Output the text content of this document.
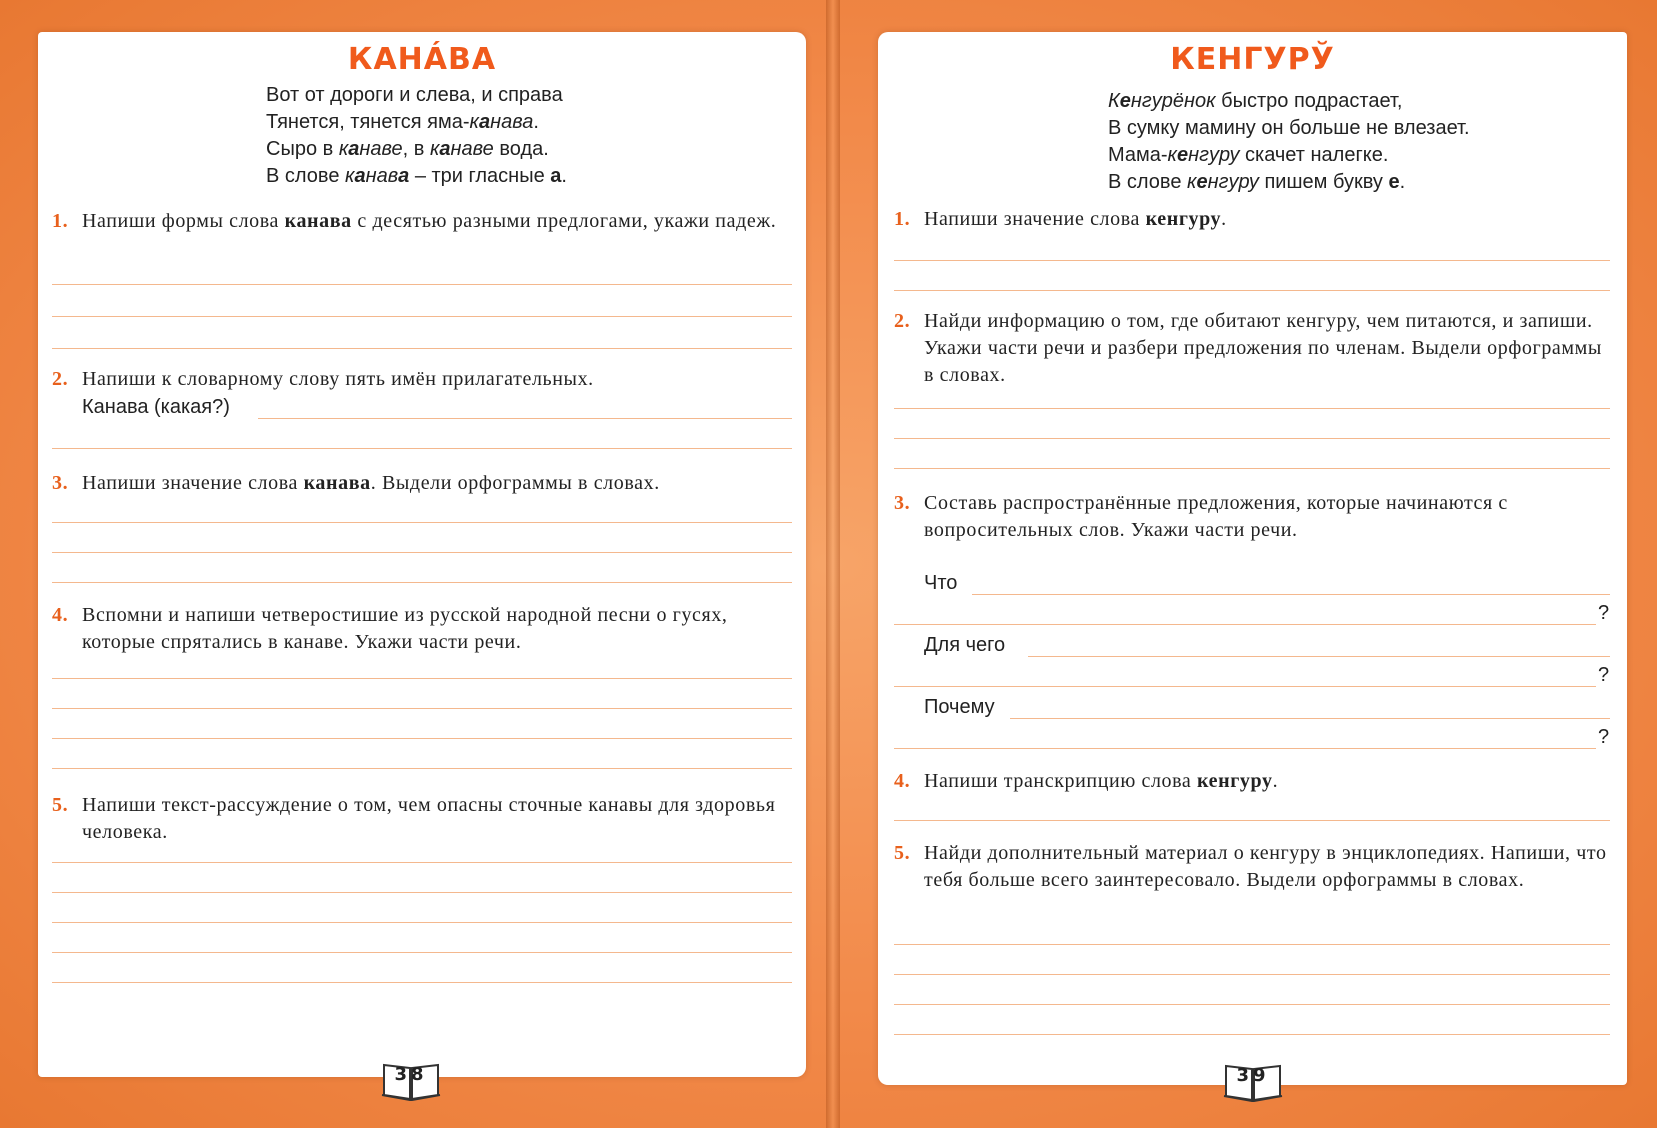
КАНÁВА
Вот от дороги и слева, и справа
Тянется, тянется яма-канава.
Сыро в канаве, в канаве вода.
В слове канава – три гласные а.
1. Напиши формы слова канава с десятью разными предлогами, укажи падеж.
2. Напиши к словарному слову пять имён прилагательных.
Канава (какая?)
3. Напиши значение слова канава. Выдели орфограммы в словах.
4. Вспомни и напиши четверостишие из русской народной песни о гусях, которые спрятались в канаве. Укажи части речи.
5. Напиши текст-рассуждение о том, чем опасны сточные канавы для здоровья человека.
38
КЕНГУРЎ
Кенгурёнок быстро подрастает,
В сумку мамину он больше не влезает.
Мама-кенгуру скачет налегке.
В слове кенгуру пишем букву е.
1. Напиши значение слова кенгуру.
2. Найди информацию о том, где обитают кенгуру, чем питаются, и запиши. Укажи части речи и разбери предложения по членам. Выдели орфограммы в словах.
3. Составь распространённые предложения, которые начинаются с вопросительных слов. Укажи части речи.
Что
?
Для чего
?
Почему
?
4. Напиши транскрипцию слова кенгуру.
5. Найди дополнительный материал о кенгуру в энциклопедиях. Напиши, что тебя больше всего заинтересовало. Выдели орфограммы в словах.
39
